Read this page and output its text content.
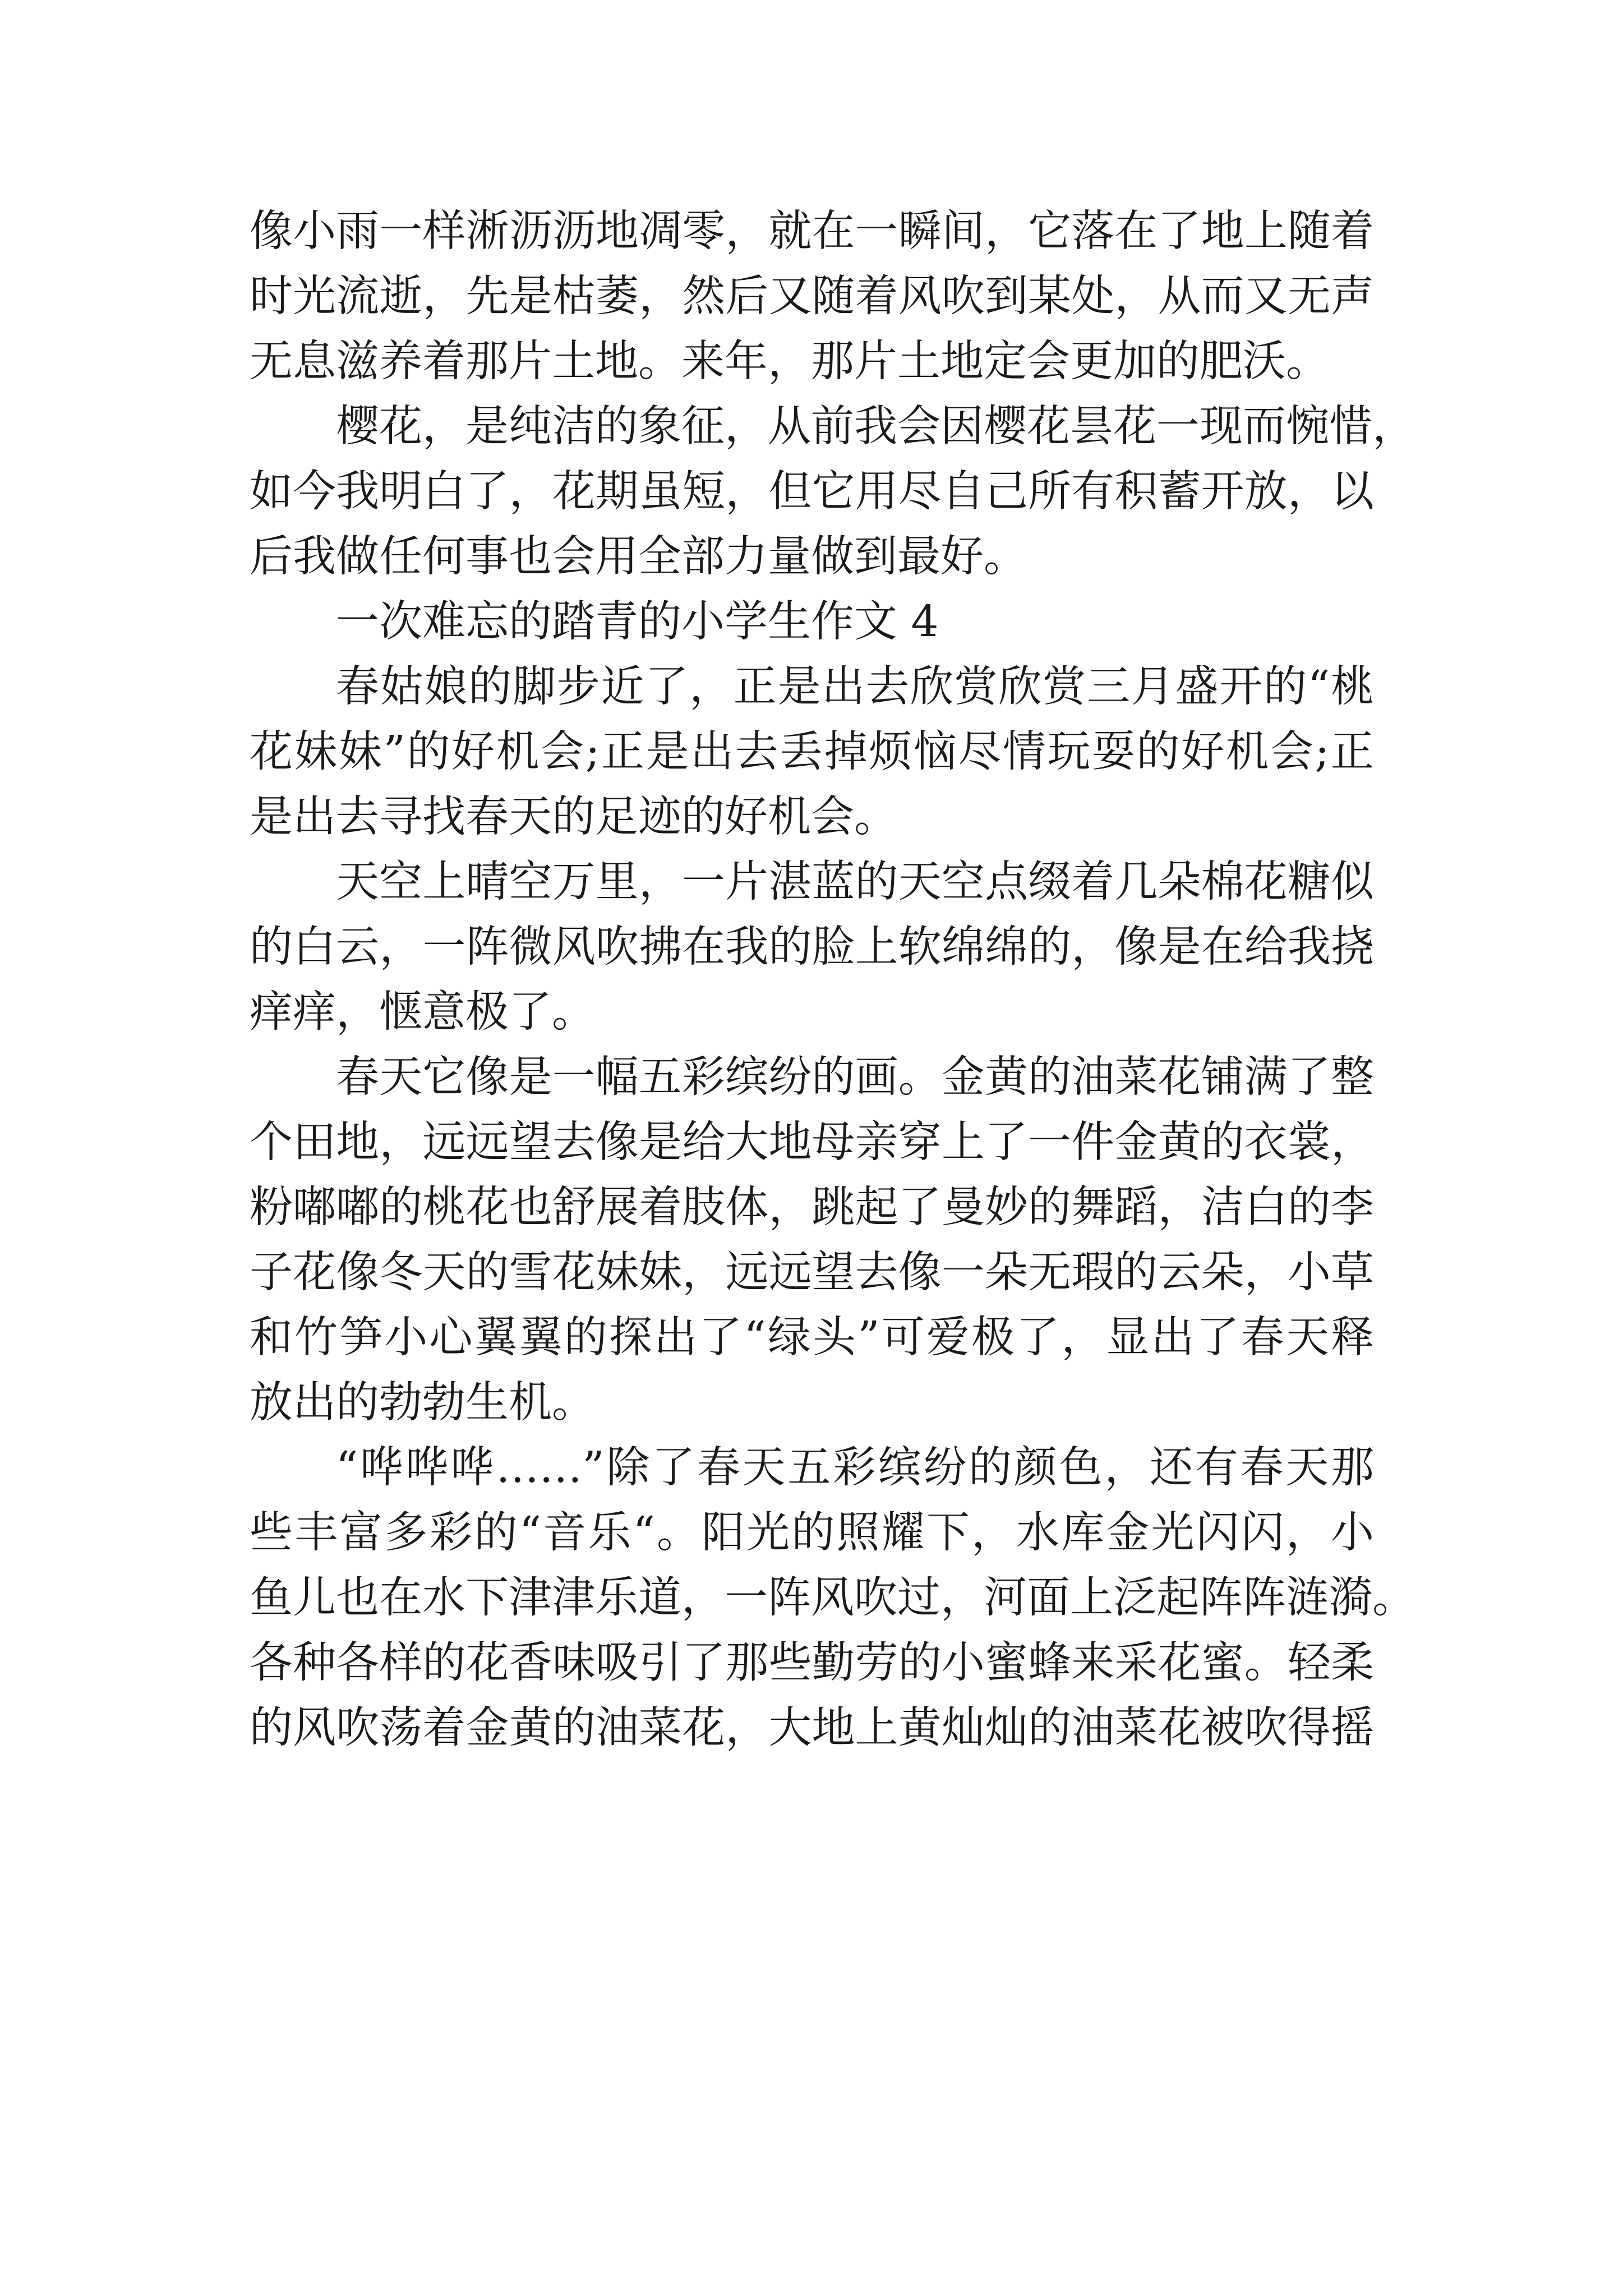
像小雨一样淅沥沥地凋零，就在一瞬间，它落在了地上随着
时光流逝，先是枯萎，然后又随着风吹到某处，从而又无声
无息滋养着那片土地。来年，那片土地定会更加的肥沃。
樱花，是纯洁的象征，从前我会因樱花昙花一现而惋惜，
如今我明白了，花期虽短，但它用尽自己所有积蓄开放，以
后我做任何事也会用全部力量做到最好。
一次难忘的踏青的小学生作文 4
春姑娘的脚步近了，正是出去欣赏欣赏三月盛开的“桃
花妹妹”的好机会;正是出去丢掉烦恼尽情玩耍的好机会;正
是出去寻找春天的足迹的好机会。
天空上晴空万里，一片湛蓝的天空点缀着几朵棉花糖似
的白云，一阵微风吹拂在我的脸上软绵绵的，像是在给我挠
痒痒，惬意极了。
春天它像是一幅五彩缤纷的画。金黄的油菜花铺满了整
个田地，远远望去像是给大地母亲穿上了一件金黄的衣裳，
粉嘟嘟的桃花也舒展着肢体，跳起了曼妙的舞蹈，洁白的李
子花像冬天的雪花妹妹，远远望去像一朵无瑕的云朵，小草
和竹笋小心翼翼的探出了“绿头”可爱极了，显出了春天释
放出的勃勃生机。
“哗哗哗……”除了春天五彩缤纷的颜色，还有春天那
些丰富多彩的“音乐“。阳光的照耀下，水库金光闪闪，小
鱼儿也在水下津津乐道，一阵风吹过，河面上泛起阵阵涟漪。
各种各样的花香味吸引了那些勤劳的小蜜蜂来采花蜜。轻柔
的风吹荡着金黄的油菜花，大地上黄灿灿的油菜花被吹得摇
